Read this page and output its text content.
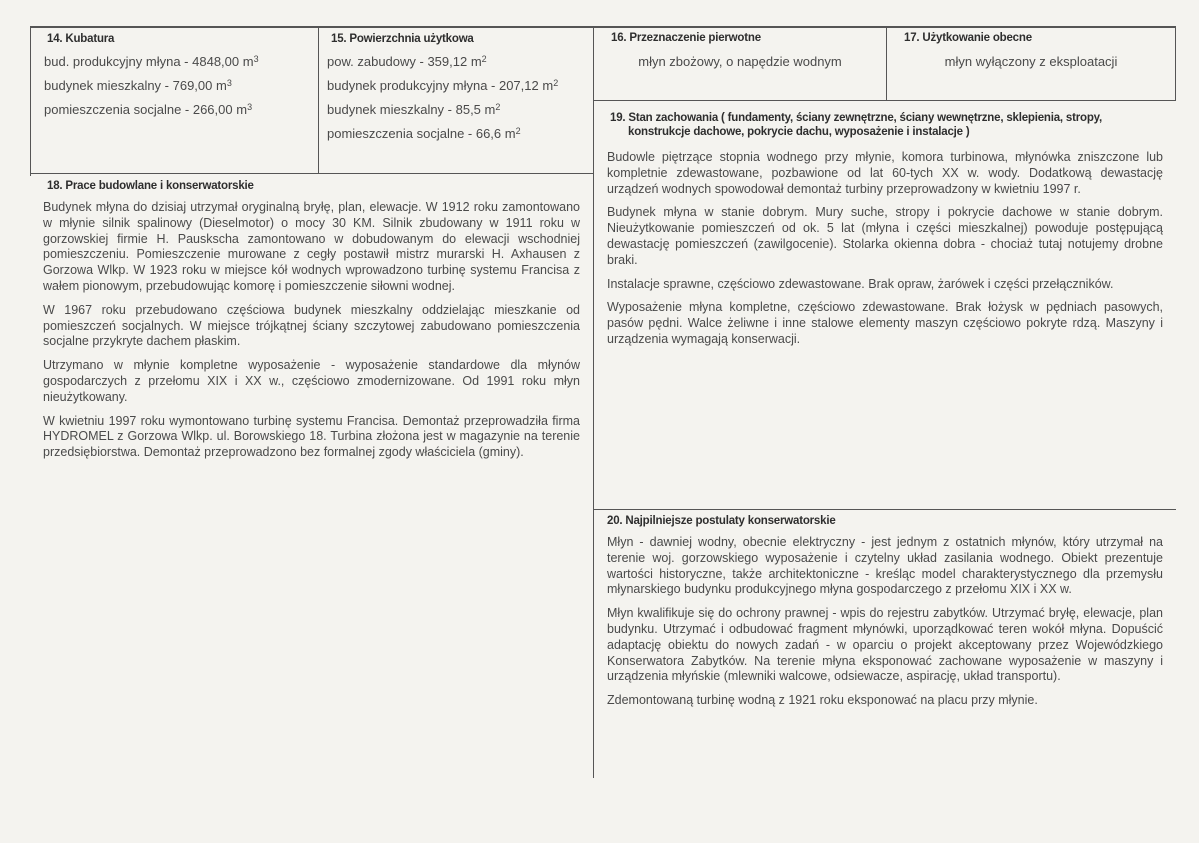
14. Kubatura
bud. produkcyjny młyna - 4848,00 $m^3$
budynek mieszkalny - 769,00 $m^3$
pomieszczenia socjalne - 266,00 $m^3$
15. Powierzchnia użytkowa
pow. zabudowy - 359,12 $m^2$
budynek produkcyjny młyna - 207,12 $m^2$
budynek mieszkalny - 85,5 $m^2$
pomieszczenia socjalne - 66,6 $m^2$
16. Przeznaczenie pierwotne
młyn zbożowy, o napędzie wodnym
17. Użytkowanie obecne
młyn wyłączony z eksploatacji
18. Prace budowlane i konserwatorskie

Budynek młyna do dzisiaj utrzymał oryginalną bryłę, plan, elewacje. W 1912 roku zamontowano w młynie silnik spalinowy (Dieselmotor) o mocy 30 KM. Silnik zbudowany w 1911 roku w gorzowskiej firmie H. Pauskscha zamontowano w dobudowanym do elewacji wschodniej pomieszczeniu. Pomieszczenie murowane z cegły postawił mistrz murarski H. Axhausen z Gorzowa Wlkp. W 1923 roku w miejsce kół wodnych wprowadzono turbinę systemu Francisa z wałem pionowym, przebudowując komorę i pomieszczenie siłowni wodnej.

W 1967 roku przebudowano częściowa budynek mieszkalny oddzielając mieszkanie od pomieszczeń socjalnych. W miejsce trójkątnej ściany szczytowej zabudowano pomieszczenia socjalne przykryte dachem płaskim.

Utrzymano w młynie kompletne wyposażenie - wyposażenie standardowe dla młynów gospodarczych z przełomu XIX i XX w., częściowo zmodernizowane. Od 1991 roku młyn nieużytkowany.

W kwietniu 1997 roku wymontowano turbinę systemu Francisa. Demontaż przeprowadziła firma HYDROMEL z Gorzowa Wlkp. ul. Borowskiego 18. Turbina złożona jest w magazynie na terenie przedsiębiorstwa. Demontaż przeprowadzono bez formalnej zgody właściciela (gminy).

19. Stan zachowania ( fundamenty, ściany zewnętrzne, ściany wewnętrzne, sklepienia, stropy,
konstrukcje dachowe, pokrycie dachu, wyposażenie i instalacje )

Budowle piętrzące stopnia wodnego przy młynie, komora turbinowa, młynówka zniszczone lub kompletnie zdewastowane, pozbawione od lat 60-tych XX w. wody. Dodatkową dewastację urządzeń wodnych spowodował demontaż turbiny przeprowadzony w kwietniu 1997 r.

Budynek młyna w stanie dobrym. Mury suche, stropy i pokrycie dachowe w stanie dobrym. Nieużytkowanie pomieszczeń od ok. 5 lat (młyna i części mieszkalnej) powoduje postępującą dewastację pomieszczeń (zawilgocenie). Stolarka okienna dobra - chociaż tutaj notujemy drobne braki.

Instalacje sprawne, częściowo zdewastowane. Brak opraw, żarówek i części przełączników.

Wyposażenie młyna kompletne, częściowo zdewastowane. Brak łożysk w pędniach pasowych, pasów pędni. Walce żeliwne i inne stalowe elementy maszyn częściowo pokryte rdzą. Maszyny i urządzenia wymagają konserwacji.

20. Najpilniejsze postulaty konserwatorskie

Młyn - dawniej wodny, obecnie elektryczny - jest jednym z ostatnich młynów, który utrzymał na terenie woj. gorzowskiego wyposażenie i czytelny układ zasilania wodnego. Obiekt prezentuje wartości historyczne, także architektoniczne - kreśląc model charakterystycznego dla przemysłu młynarskiego budynku produkcyjnego młyna gospodarczego z przełomu XIX i XX w.

Młyn kwalifikuje się do ochrony prawnej - wpis do rejestru zabytków. Utrzymać bryłę, elewacje, plan budynku. Utrzymać i odbudować fragment młynówki, uporządkować teren wokół młyna. Dopuścić adaptację obiektu do nowych zadań - w oparciu o projekt akceptowany przez Wojewódzkiego Konserwatora Zabytków. Na terenie młyna eksponować zachowane wyposażenie w maszyny i urządzenia młyńskie (mlewniki walcowe, odsiewacze, aspirację, układ transportu).

Zdemontowaną turbinę wodną z 1921 roku eksponować na placu przy młynie.
